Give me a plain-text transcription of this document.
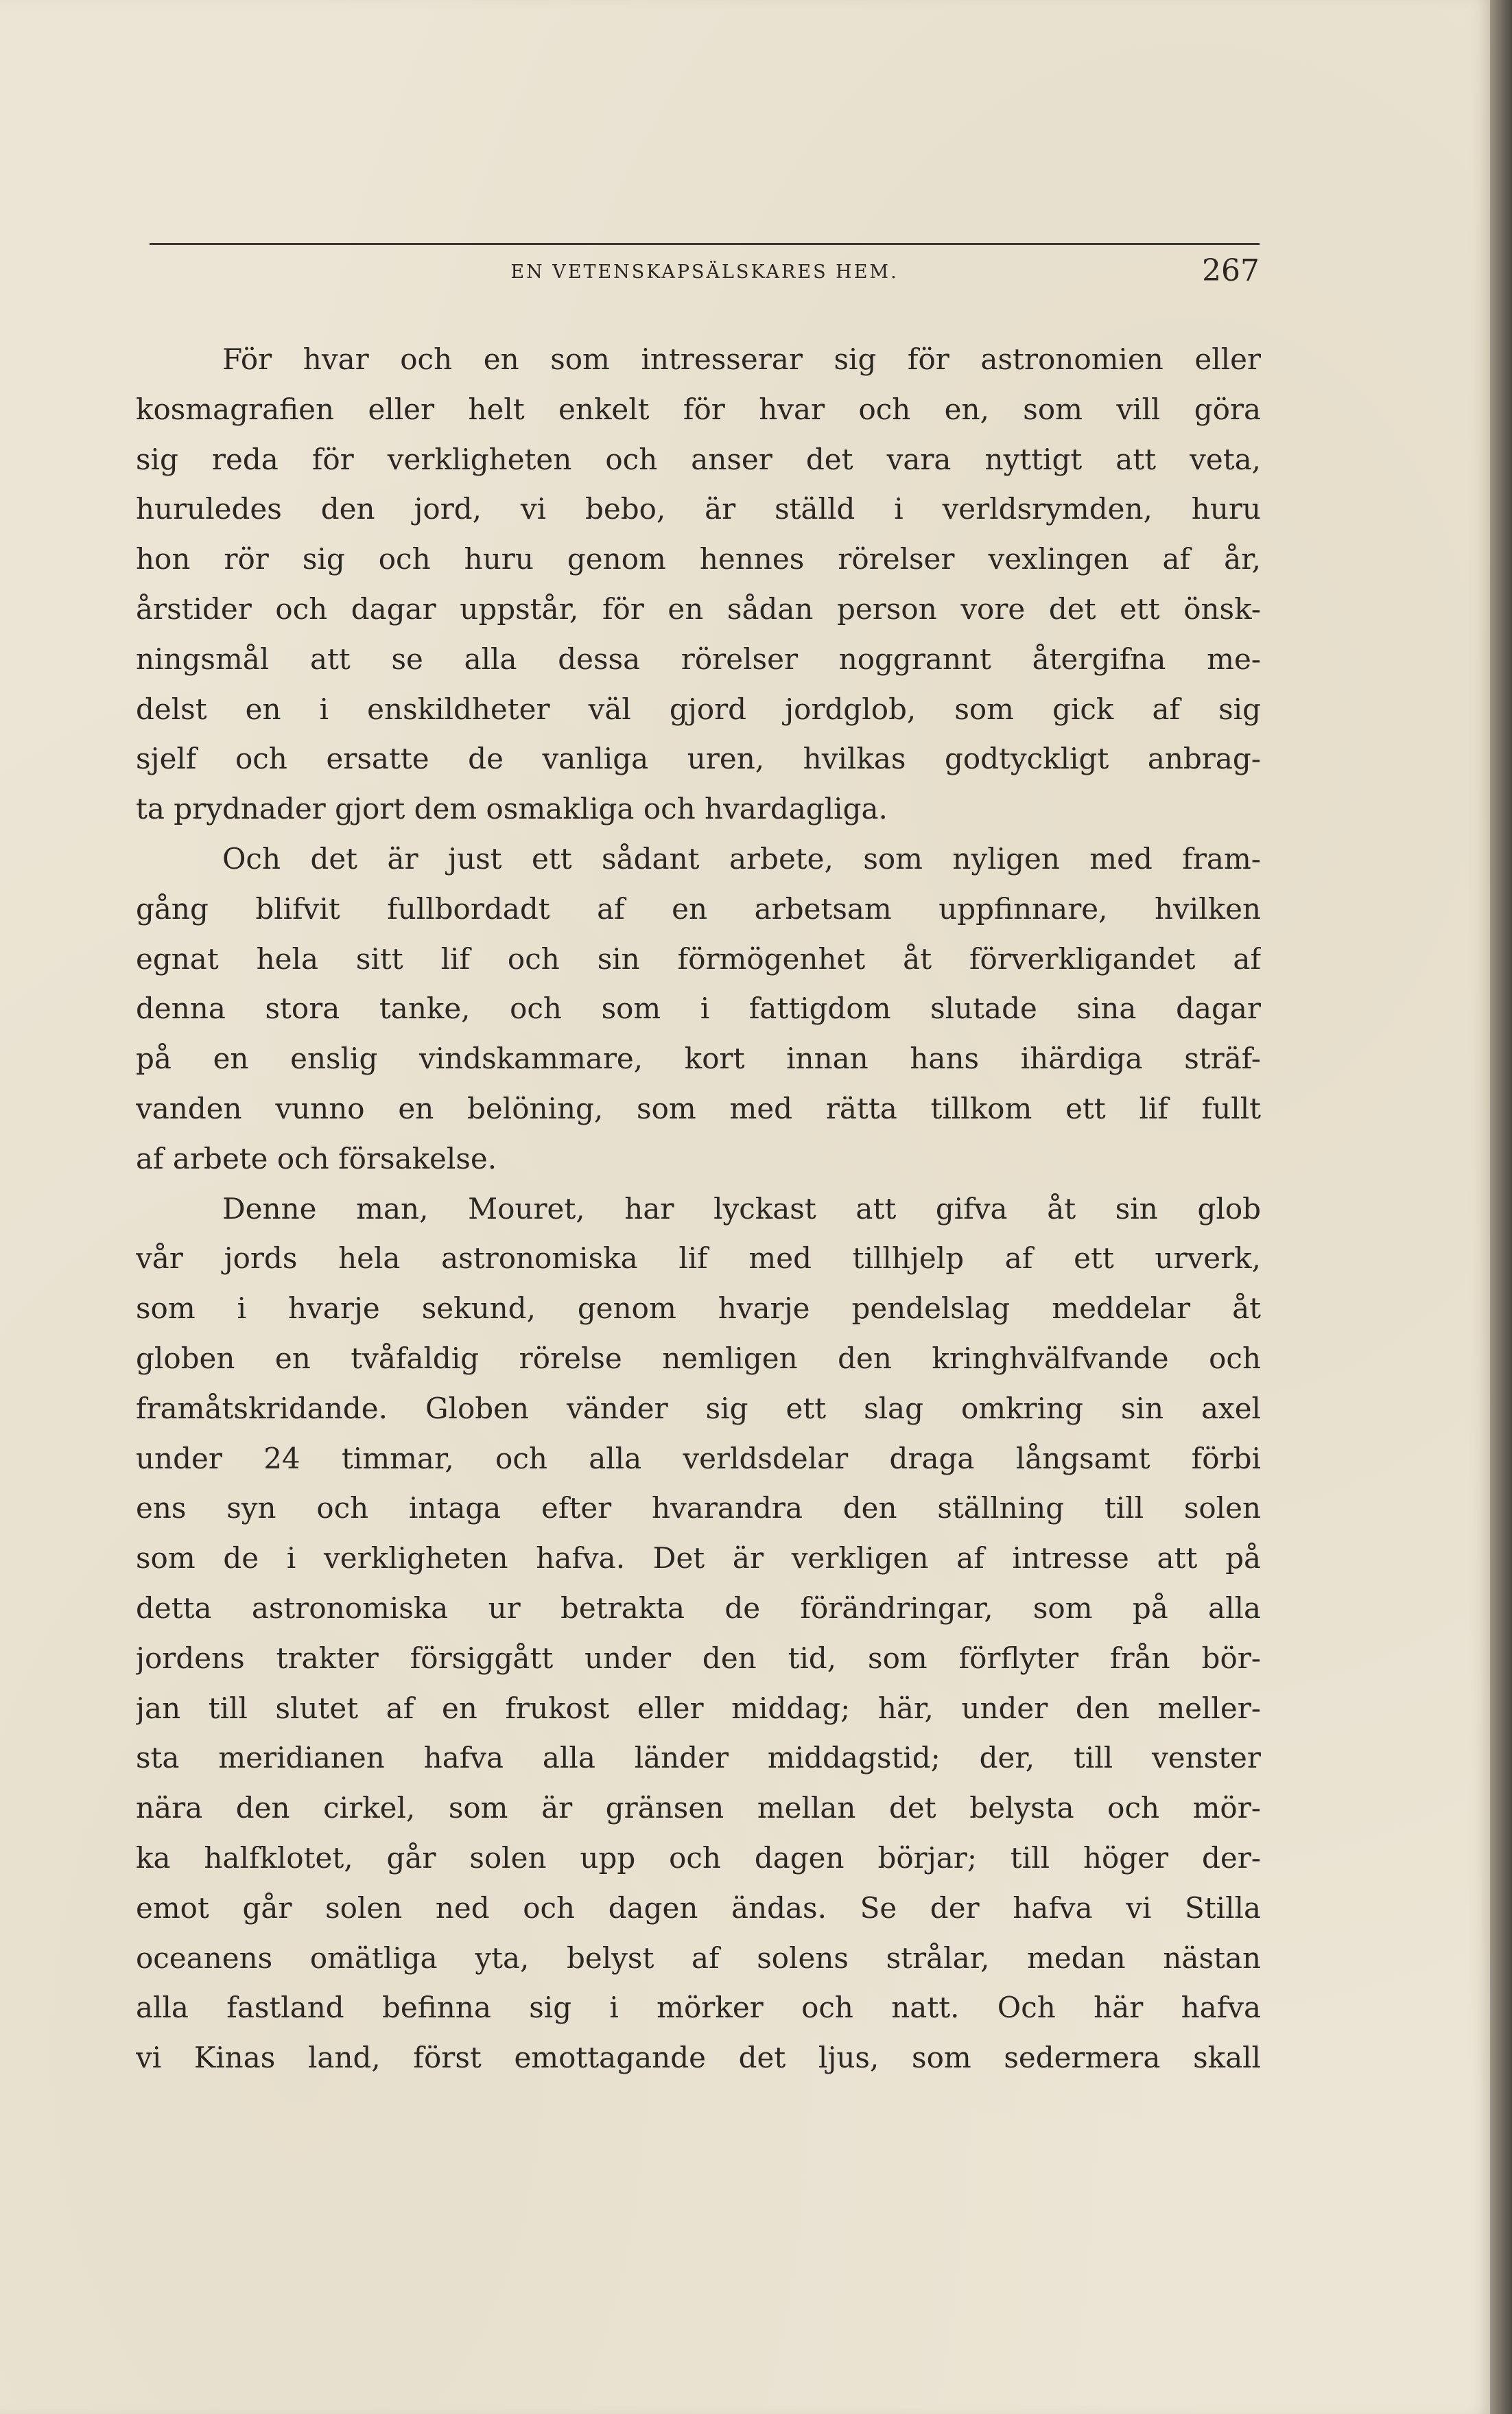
EN VETENSKAPSÄLSKARES HEM.	267
För hvar och en som intresserar sig för astronomien eller
kosmagrafien eller helt enkelt för hvar och en, som vill göra
sig reda för verkligheten och anser det vara nyttigt att veta,
huruledes den jord, vi bebo, är ställd i verldsrymden, huru
hon rör sig och huru genom hennes rörelser vexlingen af år,
årstider och dagar uppstår, för en sådan person vore det ett önsk-
ningsmål att se alla dessa rörelser noggrannt återgifna me-
delst en i enskildheter väl gjord jordglob, som gick af sig
sjelf och ersatte de vanliga uren, hvilkas godtyckligt anbrag-
ta prydnader gjort dem osmakliga och hvardagliga.
Och det är just ett sådant arbete, som nyligen med fram-
gång blifvit fullbordadt af en arbetsam uppfinnare, hvilken
egnat hela sitt lif och sin förmögenhet åt förverkligandet af
denna stora tanke, och som i fattigdom slutade sina dagar
på en enslig vindskammare, kort innan hans ihärdiga sträf-
vanden vunno en belöning, som med rätta tillkom ett lif fullt
af arbete och försakelse.
Denne man, Mouret, har lyckast att gifva åt sin glob
vår jords hela astronomiska lif med tillhjelp af ett urverk,
som i hvarje sekund, genom hvarje pendelslag meddelar åt
globen en tvåfaldig rörelse nemligen den kringhvälfvande och
framåtskridande. Globen vänder sig ett slag omkring sin axel
under 24 timmar, och alla verldsdelar draga långsamt förbi
ens syn och intaga efter hvarandra den ställning till solen
som de i verkligheten hafva. Det är verkligen af intresse att på
detta astronomiska ur betrakta de förändringar, som på alla
jordens trakter försiggått under den tid, som förflyter från bör-
jan till slutet af en frukost eller middag; här, under den meller-
sta meridianen hafva alla länder middagstid; der, till venster
nära den cirkel, som är gränsen mellan det belysta och mör-
ka halfklotet, går solen upp och dagen börjar; till höger der-
emot går solen ned och dagen ändas. Se der hafva vi Stilla
oceanens omätliga yta, belyst af solens strålar, medan nästan
alla fastland befinna sig i mörker och natt. Och här hafva
vi Kinas land, först emottagande det ljus, som sedermera skall
